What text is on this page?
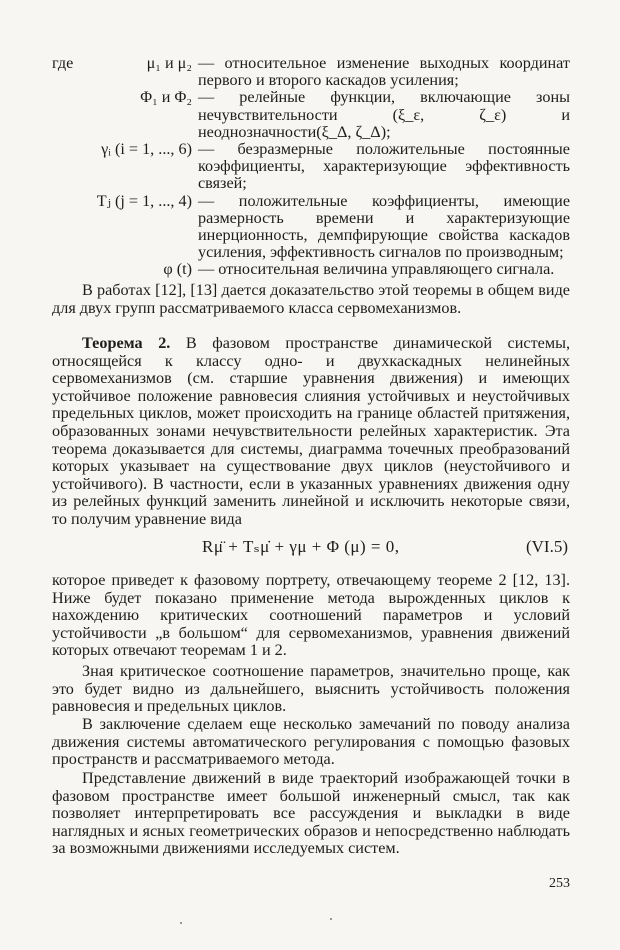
где	μ₁ и μ₂ — относительное изменение выходных координат первого и второго каскадов усиления;
Φ₁ и Φ₂ — релейные функции, включающие зоны нечувствительности (ξ_ε, ζ_ε) и неоднозначности(ξ_Δ, ζ_Δ);
γᵢ (i = 1, ..., 6) — безразмерные положительные постоянные коэффициенты, характеризующие эффективность связей;
Tⱼ (j = 1, ..., 4) — положительные коэффициенты, имеющие размерность времени и характеризующие инерционность, демпфирующие свойства каскадов усиления, эффективность сигналов по производным;
φ (t) — относительная величина управляющего сигнала.

В работах [12], [13] дается доказательство этой теоремы в общем виде для двух групп рассматриваемого класса сервомеханизмов.

Теорема 2. В фазовом пространстве динамической системы, относящейся к классу одно- и двухкаскадных нелинейных сервомеханизмов (см. старшие уравнения движения) и имеющих устойчивое положение равновесия слияния устойчивых и неустойчивых предельных циклов, может происходить на границе областей притяжения, образованных зонами нечувствительности релейных характеристик. Эта теорема доказывается для системы, диаграмма точечных преобразований которых указывает на существование двух циклов (неустойчивого и устойчивого). В частности, если в указанных уравнениях движения одну из релейных функций заменить линейной и исключить некоторые связи, то получим уравнение вида

Rμ̈ + Tₛμ̇ + γμ + Φ (μ) = 0,	(VI.5)

которое приведет к фазовому портрету, отвечающему теореме 2 [12, 13]. Ниже будет показано применение метода вырожденных циклов к нахождению критических соотношений параметров и условий устойчивости „в большом“ для сервомеханизмов, уравнения движений которых отвечают теоремам 1 и 2.

Зная критическое соотношение параметров, значительно проще, как это будет видно из дальнейшего, выяснить устойчивость положения равновесия и предельных циклов.

В заключение сделаем еще несколько замечаний по поводу анализа движения системы автоматического регулирования с помощью фазовых пространств и рассматриваемого метода.

Представление движений в виде траекторий изображающей точки в фазовом пространстве имеет большой инженерный смысл, так как позволяет интерпретировать все рассуждения и выкладки в виде наглядных и ясных геометрических образов и непосредственно наблюдать за возможными движениями исследуемых систем.

253
